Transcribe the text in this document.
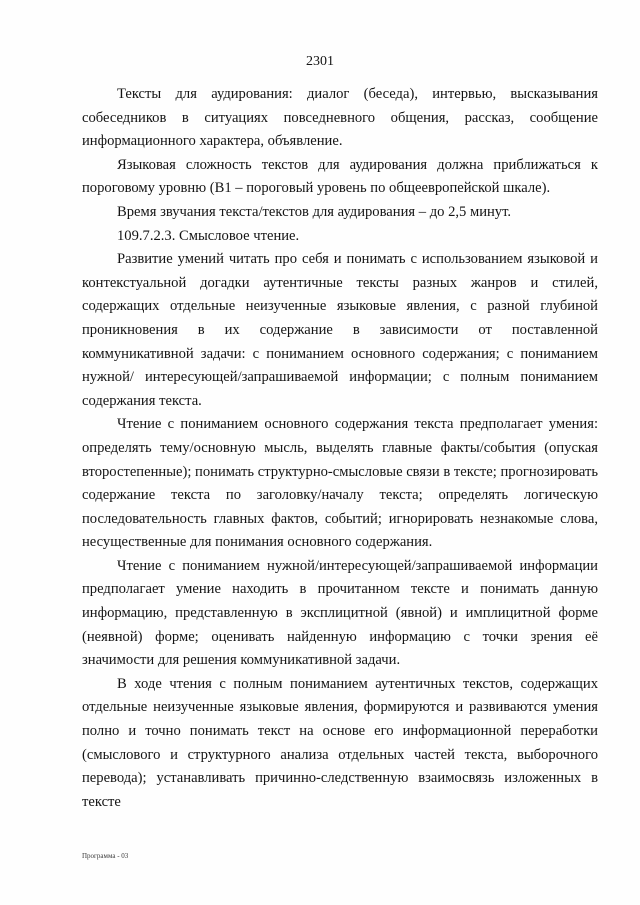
2301

Тексты для аудирования: диалог (беседа), интервью, высказывания собеседников в ситуациях повседневного общения, рассказ, сообщение информационного характера, объявление.

Языковая сложность текстов для аудирования должна приближаться к пороговому уровню (В1 – пороговый уровень по общеевропейской шкале).

Время звучания текста/текстов для аудирования – до 2,5 минут.

109.7.2.3. Смысловое чтение.

Развитие умений читать про себя и понимать с использованием языковой и контекстуальной догадки аутентичные тексты разных жанров и стилей, содержащих отдельные неизученные языковые явления, с разной глубиной проникновения в их содержание в зависимости от поставленной коммуникативной задачи: с пониманием основного содержания; с пониманием нужной/ интересующей/запрашиваемой информации; с полным пониманием содержания текста.

Чтение с пониманием основного содержания текста предполагает умения: определять тему/основную мысль, выделять главные факты/события (опуская второстепенные); понимать структурно-смысловые связи в тексте; прогнозировать содержание текста по заголовку/началу текста; определять логическую последовательность главных фактов, событий; игнорировать незнакомые слова, несущественные для понимания основного содержания.

Чтение с пониманием нужной/интересующей/запрашиваемой информации предполагает умение находить в прочитанном тексте и понимать данную информацию, представленную в эксплицитной (явной) и имплицитной форме (неявной) форме; оценивать найденную информацию с точки зрения её значимости для решения коммуникативной задачи.

В ходе чтения с полным пониманием аутентичных текстов, содержащих отдельные неизученные языковые явления, формируются и развиваются умения полно и точно понимать текст на основе его информационной переработки (смыслового и структурного анализа отдельных частей текста, выборочного перевода); устанавливать причинно-следственную взаимосвязь изложенных в тексте

Программа - 03
